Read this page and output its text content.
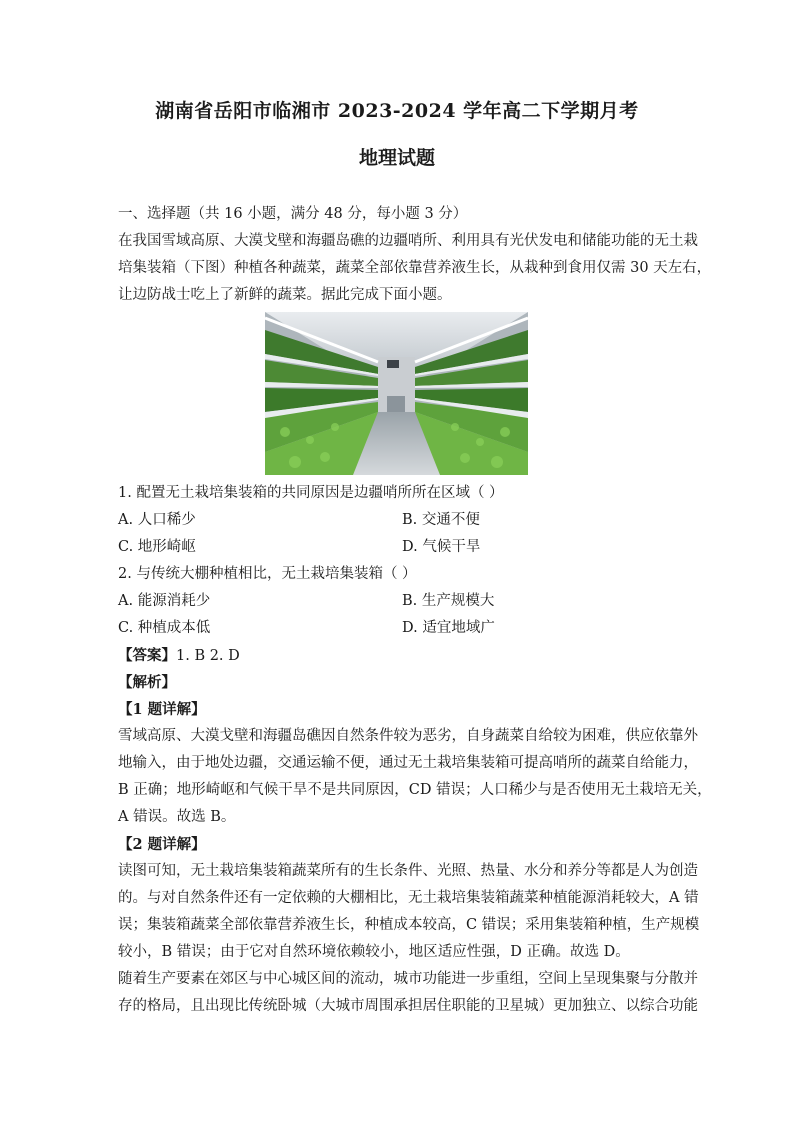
湖南省岳阳市临湘市 2023-2024 学年高二下学期月考
地理试题
一、选择题（共 16 小题，满分 48 分，每小题 3 分）
在我国雪域高原、大漠戈壁和海疆岛礁的边疆哨所、利用具有光伏发电和储能功能的无土栽
培集装箱（下图）种植各种蔬菜，蔬菜全部依靠营养液生长，从栽种到食用仅需 30 天左右，
让边防战士吃上了新鲜的蔬菜。据此完成下面小题。
1. 配置无土栽培集装箱的共同原因是边疆哨所所在区域（ ）
A. 人口稀少	B. 交通不便
C. 地形崎岖	D. 气候干旱
2. 与传统大棚种植相比，无土栽培集装箱（ ）
A. 能源消耗少	B. 生产规模大
C. 种植成本低	D. 适宜地域广
【答案】1. B 2. D
【解析】
【1 题详解】
雪域高原、大漠戈壁和海疆岛礁因自然条件较为恶劣，自身蔬菜自给较为困难，供应依靠外
地输入，由于地处边疆，交通运输不便，通过无土栽培集装箱可提高哨所的蔬菜自给能力，
B 正确；地形崎岖和气候干旱不是共同原因，CD 错误；人口稀少与是否使用无土栽培无关，
A 错误。故选 B。
【2 题详解】
读图可知，无土栽培集装箱蔬菜所有的生长条件、光照、热量、水分和养分等都是人为创造
的。与对自然条件还有一定依赖的大棚相比，无土栽培集装箱蔬菜种植能源消耗较大，A 错
误；集装箱蔬菜全部依靠营养液生长，种植成本较高，C 错误；采用集装箱种植，生产规模
较小，B 错误；由于它对自然环境依赖较小，地区适应性强，D 正确。故选 D。
随着生产要素在郊区与中心城区间的流动，城市功能进一步重组，空间上呈现集聚与分散并
存的格局，且出现比传统卧城（大城市周围承担居住职能的卫星城）更加独立、以综合功能
